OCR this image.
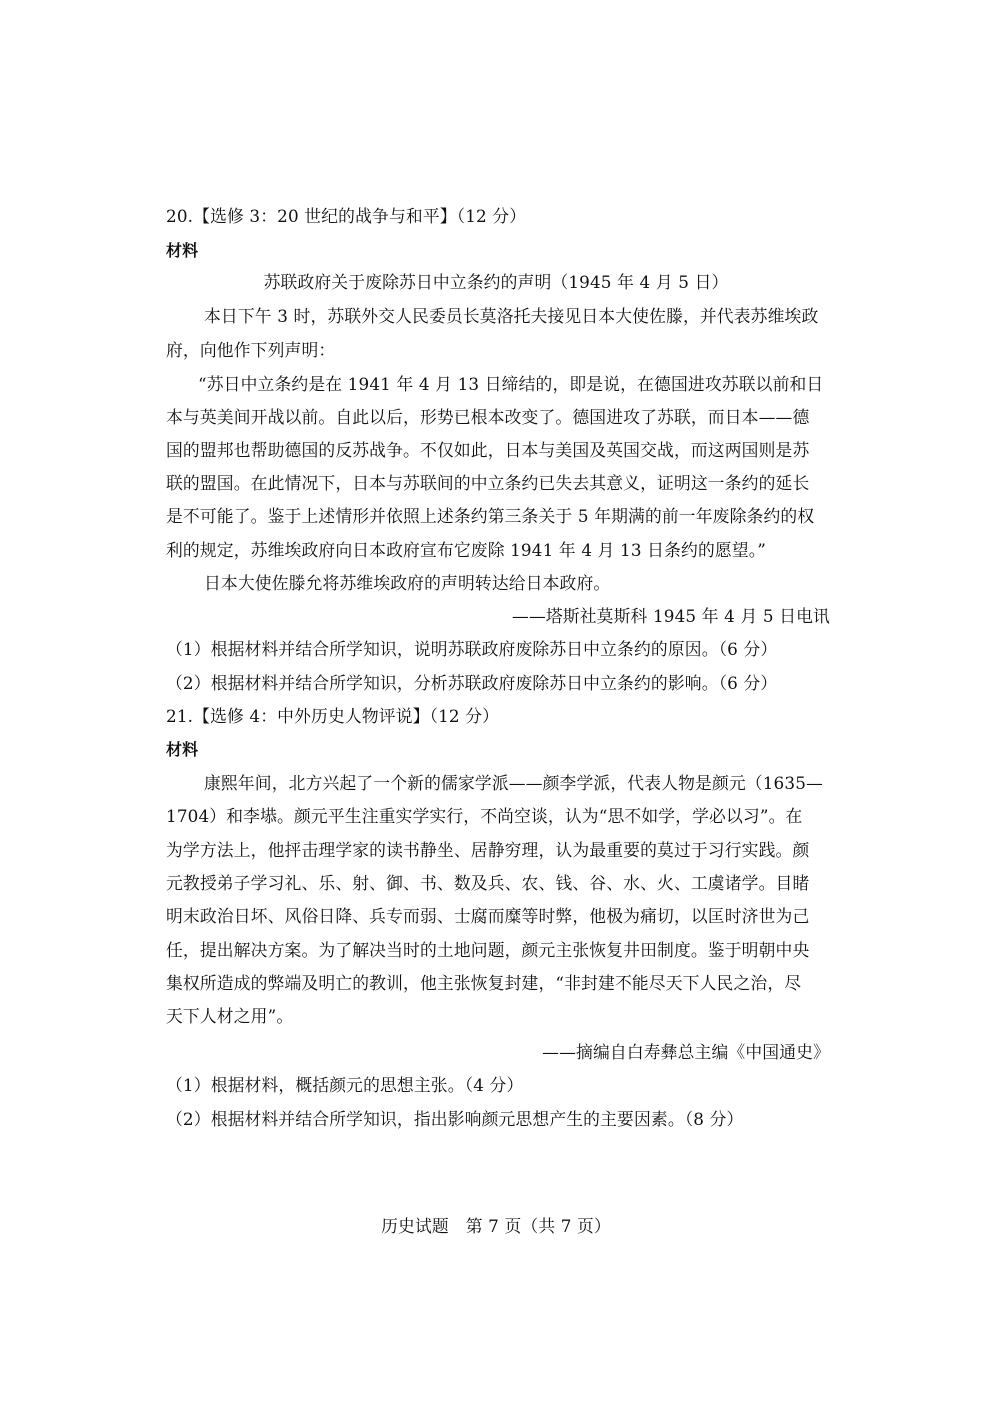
20.【选修 3：20 世纪的战争与和平】（12 分）
材料
苏联政府关于废除苏日中立条约的声明（1945 年 4 月 5 日）
本日下午 3 时，苏联外交人民委员长莫洛托夫接见日本大使佐滕，并代表苏维埃政
府，向他作下列声明：
“苏日中立条约是在 1941 年 4 月 13 日缔结的，即是说，在德国进攻苏联以前和日
本与英美间开战以前。自此以后，形势已根本改变了。德国进攻了苏联，而日本——德
国的盟邦也帮助德国的反苏战争。不仅如此，日本与美国及英国交战，而这两国则是苏
联的盟国。在此情况下，日本与苏联间的中立条约已失去其意义，证明这一条约的延长
是不可能了。鉴于上述情形并依照上述条约第三条关于 5 年期满的前一年废除条约的权
利的规定，苏维埃政府向日本政府宣布它废除 1941 年 4 月 13 日条约的愿望。”
日本大使佐滕允将苏维埃政府的声明转达给日本政府。
——塔斯社莫斯科 1945 年 4 月 5 日电讯
（1）根据材料并结合所学知识，说明苏联政府废除苏日中立条约的原因。（6 分）
（2）根据材料并结合所学知识，分析苏联政府废除苏日中立条约的影响。（6 分）
21.【选修 4：中外历史人物评说】（12 分）
材料
康熙年间，北方兴起了一个新的儒家学派——颜李学派，代表人物是颜元（1635—
1704）和李塨。颜元平生注重实学实行，不尚空谈，认为“思不如学，学必以习”。在
为学方法上，他抨击理学家的读书静坐、居静穷理，认为最重要的莫过于习行实践。颜
元教授弟子学习礼、乐、射、御、书、数及兵、农、钱、谷、水、火、工虞诸学。目睹
明末政治日坏、风俗日降、兵专而弱、士腐而糜等时弊，他极为痛切，以匡时济世为己
任，提出解决方案。为了解决当时的土地问题，颜元主张恢复井田制度。鉴于明朝中央
集权所造成的弊端及明亡的教训，他主张恢复封建，“非封建不能尽天下人民之治，尽
天下人材之用”。
——摘编自白寿彝总主编《中国通史》
（1）根据材料，概括颜元的思想主张。（4 分）
（2）根据材料并结合所学知识，指出影响颜元思想产生的主要因素。（8 分）
历史试题　第 7 页（共 7 页）
